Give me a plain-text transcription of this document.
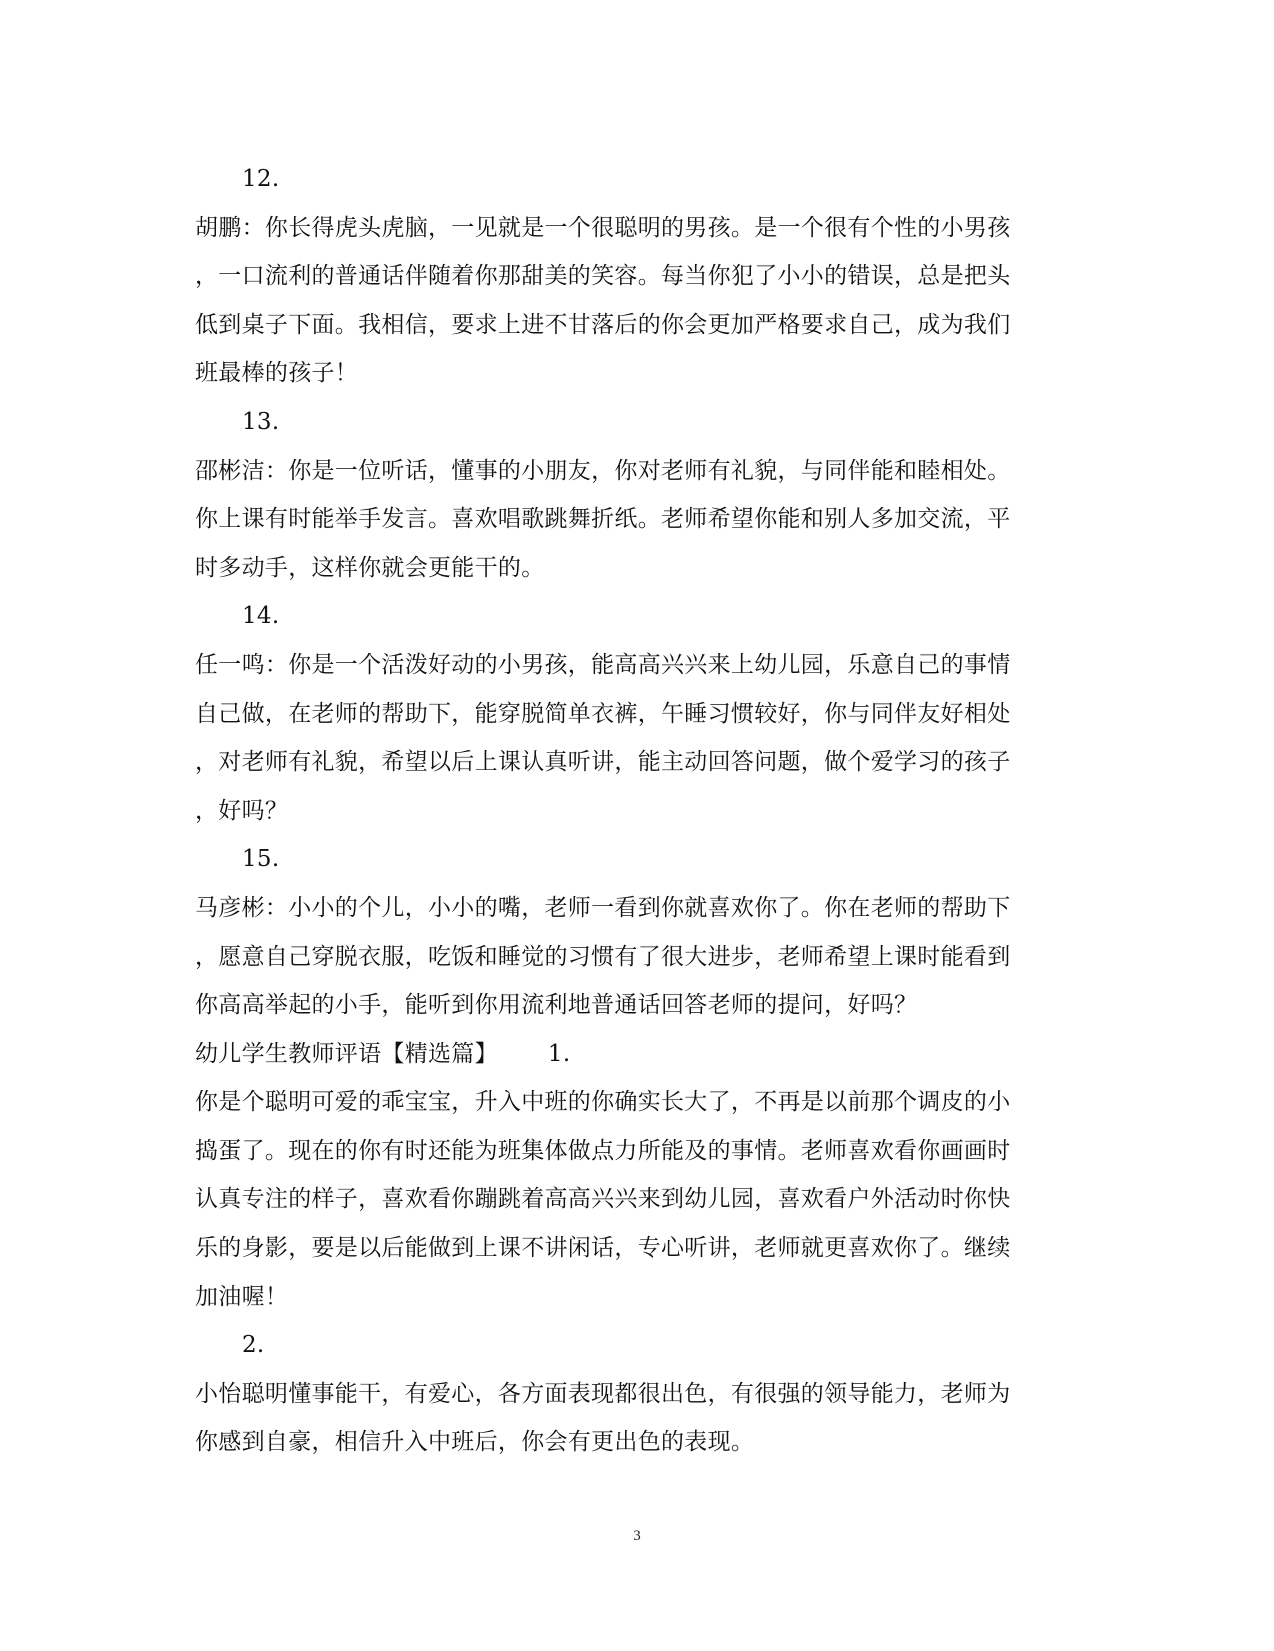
12.
胡鹏：你长得虎头虎脑，一见就是一个很聪明的男孩。是一个很有个性的小男孩
，一口流利的普通话伴随着你那甜美的笑容。每当你犯了小小的错误，总是把头
低到桌子下面。我相信，要求上进不甘落后的你会更加严格要求自己，成为我们
班最棒的孩子！
13.
邵彬洁：你是一位听话，懂事的小朋友，你对老师有礼貌，与同伴能和睦相处。
你上课有时能举手发言。喜欢唱歌跳舞折纸。老师希望你能和别人多加交流，平
时多动手，这样你就会更能干的。
14.
任一鸣：你是一个活泼好动的小男孩，能高高兴兴来上幼儿园，乐意自己的事情
自己做，在老师的帮助下，能穿脱简单衣裤，午睡习惯较好，你与同伴友好相处
，对老师有礼貌，希望以后上课认真听讲，能主动回答问题，做个爱学习的孩子
，好吗？
15.
马彦彬：小小的个儿，小小的嘴，老师一看到你就喜欢你了。你在老师的帮助下
，愿意自己穿脱衣服，吃饭和睡觉的习惯有了很大进步，老师希望上课时能看到
你高高举起的小手，能听到你用流利地普通话回答老师的提问，好吗？
幼儿学生教师评语【精选篇】 1.
你是个聪明可爱的乖宝宝，升入中班的你确实长大了，不再是以前那个调皮的小
捣蛋了。现在的你有时还能为班集体做点力所能及的事情。老师喜欢看你画画时
认真专注的样子，喜欢看你蹦跳着高高兴兴来到幼儿园，喜欢看户外活动时你快
乐的身影，要是以后能做到上课不讲闲话，专心听讲，老师就更喜欢你了。继续
加油喔！
2.
小怡聪明懂事能干，有爱心，各方面表现都很出色，有很强的领导能力，老师为
你感到自豪，相信升入中班后，你会有更出色的表现。
3
